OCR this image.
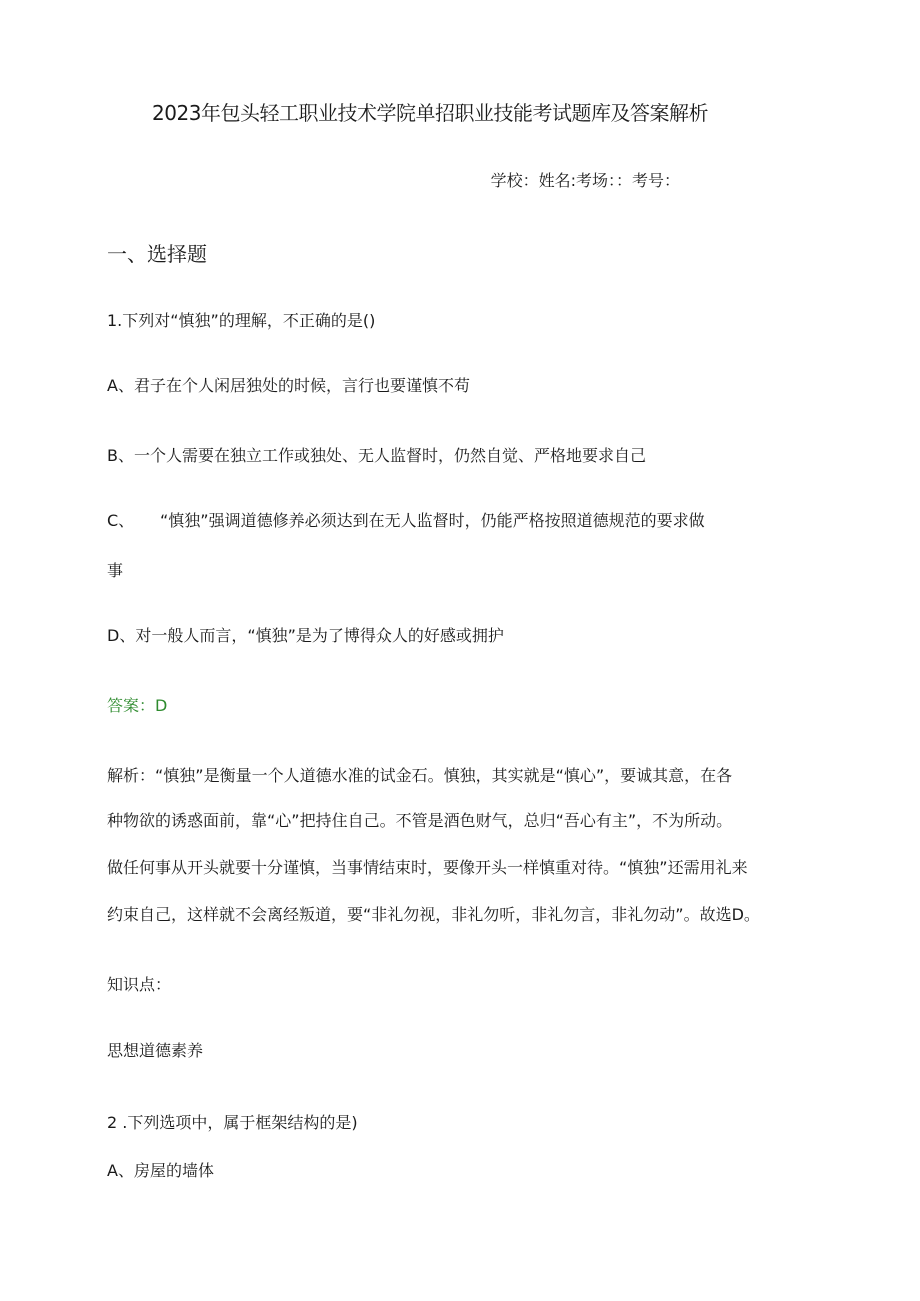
2023年包头轻工职业技术学院单招职业技能考试题库及答案解析
学校：姓名:考场：：考号：
一、选择题
1.下列对“慎独”的理解，不正确的是()
A、君子在个人闲居独处的时候，言行也要谨慎不苟
B、一个人需要在独立工作或独处、无人监督时，仍然自觉、严格地要求自己
C、 “慎独”强调道德修养必须达到在无人监督时，仍能严格按照道德规范的要求做
事
D、对一般人而言，“慎独”是为了博得众人的好感或拥护
答案：D
解析：“慎独”是衡量一个人道德水准的试金石。慎独，其实就是“慎心”，要诚其意，在各
种物欲的诱惑面前，靠“心”把持住自己。不管是酒色财气，总归“吾心有主”，不为所动。
做任何事从开头就要十分谨慎，当事情结束时，要像开头一样慎重对待。“慎独”还需用礼来
约束自己，这样就不会离经叛道，要“非礼勿视，非礼勿听，非礼勿言，非礼勿动”。故选D。
知识点：
思想道德素养
2 .下列选项中，属于框架结构的是)
A、房屋的墙体
